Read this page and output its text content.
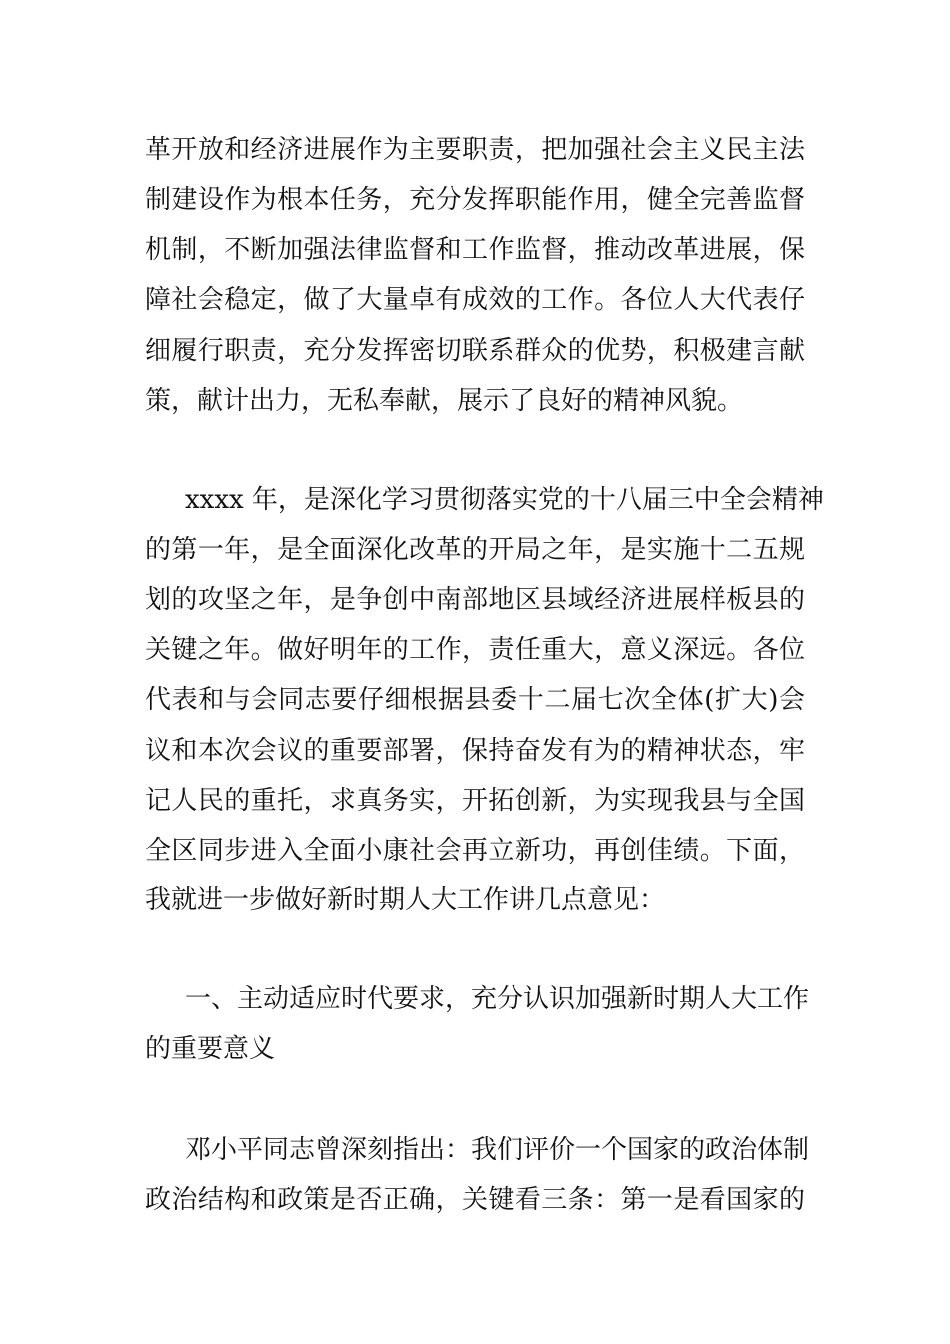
革开放和经济进展作为主要职责，把加强社会主义民主法
制建设作为根本任务，充分发挥职能作用，健全完善监督
机制，不断加强法律监督和工作监督，推动改革进展，保
障社会稳定，做了大量卓有成效的工作。各位人大代表仔
细履行职责，充分发挥密切联系群众的优势，积极建言献
策，献计出力，无私奉献，展示了良好的精神风貌。
xxxx 年，是深化学习贯彻落实党的十八届三中全会精神
的第一年，是全面深化改革的开局之年，是实施十二五规
划的攻坚之年，是争创中南部地区县域经济进展样板县的
关键之年。做好明年的工作，责任重大，意义深远。各位
代表和与会同志要仔细根据县委十二届七次全体(扩大)会
议和本次会议的重要部署，保持奋发有为的精神状态，牢
记人民的重托，求真务实，开拓创新，为实现我县与全国
全区同步进入全面小康社会再立新功，再创佳绩。下面，
我就进一步做好新时期人大工作讲几点意见：
一、主动适应时代要求，充分认识加强新时期人大工作
的重要意义
邓小平同志曾深刻指出：我们评价一个国家的政治体制
政治结构和政策是否正确，关键看三条：第一是看国家的
